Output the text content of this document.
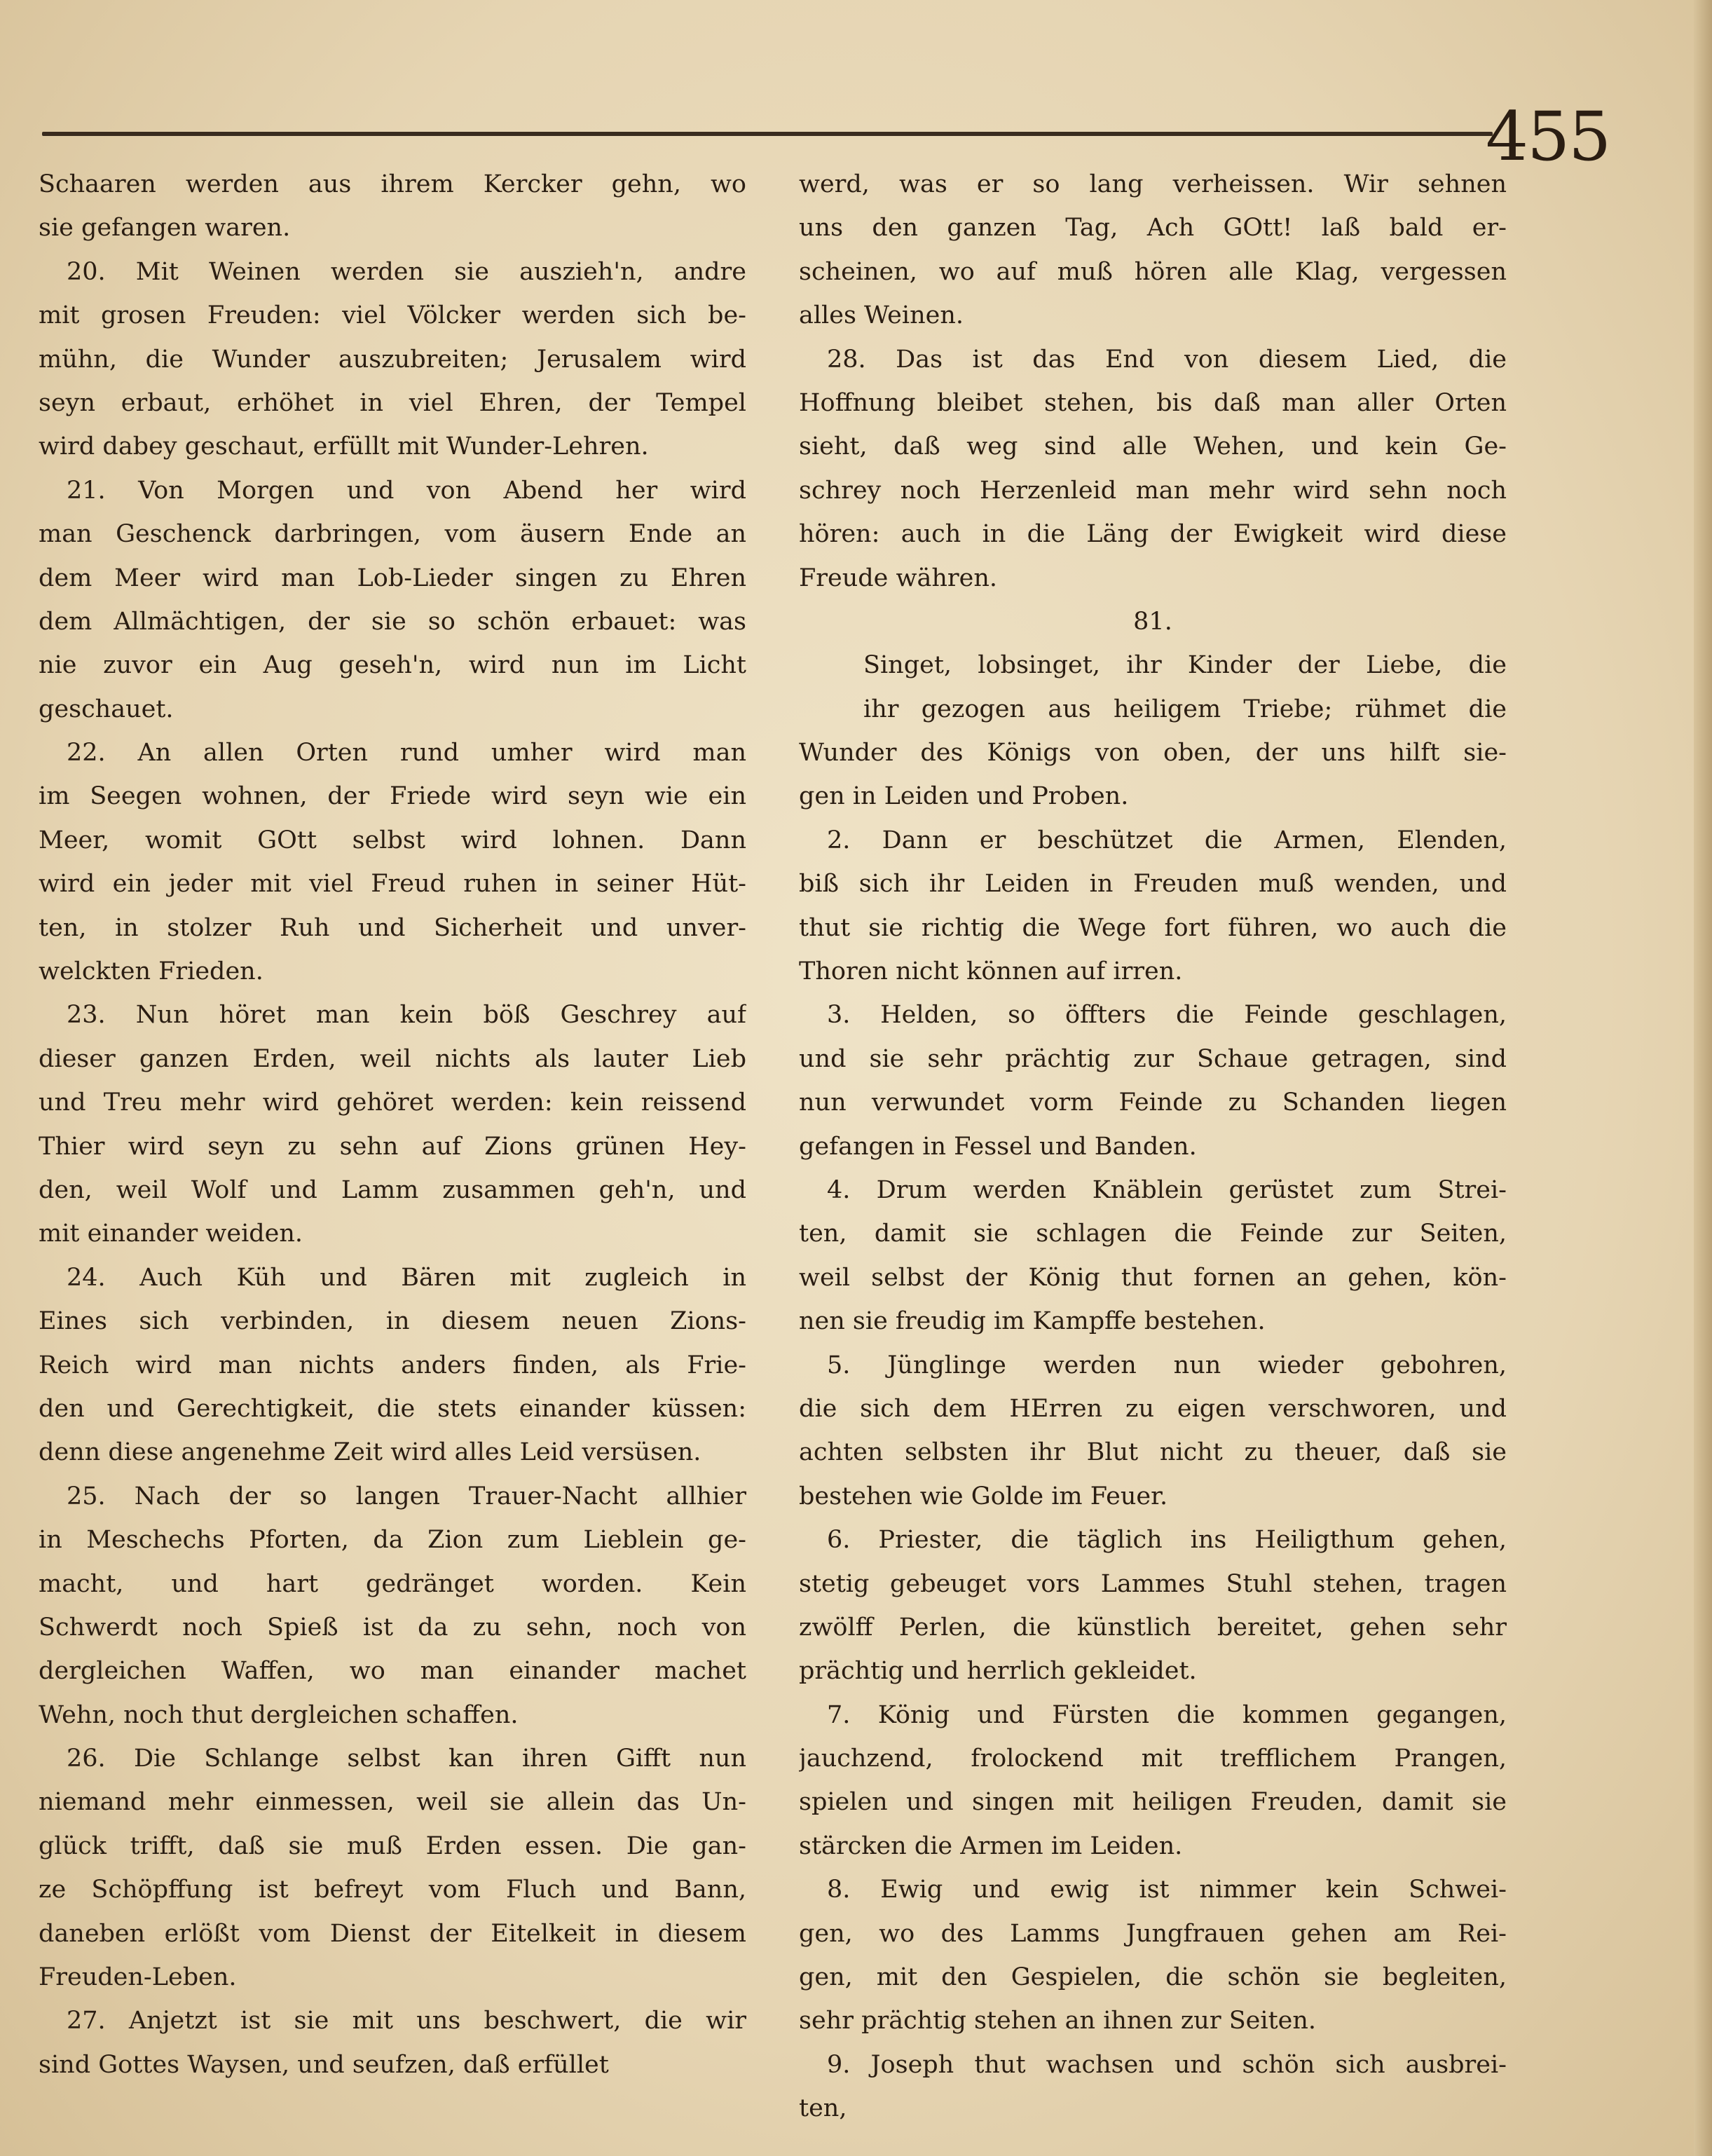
455

Schaaren werden aus ihrem Kercker gehn, wo

sie gefangen waren.

20. Mit Weinen werden sie auszieh'n, andre

mit grosen Freuden: viel Völcker werden sich be-

mühn, die Wunder auszubreiten; Jerusalem wird

seyn erbaut, erhöhet in viel Ehren, der Tempel

wird dabey geschaut, erfüllt mit Wunder-Lehren.

21. Von Morgen und von Abend her wird

man Geschenck darbringen, vom äusern Ende an

dem Meer wird man Lob-Lieder singen zu Ehren

dem Allmächtigen, der sie so schön erbauet: was

nie zuvor ein Aug geseh'n, wird nun im Licht

geschauet.

22. An allen Orten rund umher wird man

im Seegen wohnen, der Friede wird seyn wie ein

Meer, womit GOtt selbst wird lohnen. Dann

wird ein jeder mit viel Freud ruhen in seiner Hüt-

ten, in stolzer Ruh und Sicherheit und unver-

welckten Frieden.

23. Nun höret man kein böß Geschrey auf

dieser ganzen Erden, weil nichts als lauter Lieb

und Treu mehr wird gehöret werden: kein reissend

Thier wird seyn zu sehn auf Zions grünen Hey-

den, weil Wolf und Lamm zusammen geh'n, und

mit einander weiden.

24. Auch Küh und Bären mit zugleich in

Eines sich verbinden, in diesem neuen Zions-

Reich wird man nichts anders finden, als Frie-

den und Gerechtigkeit, die stets einander küssen:

denn diese angenehme Zeit wird alles Leid versüsen.

25. Nach der so langen Trauer-Nacht allhier

in Meschechs Pforten, da Zion zum Lieblein ge-

macht, und hart gedränget worden. Kein

Schwerdt noch Spieß ist da zu sehn, noch von

dergleichen Waffen, wo man einander machet

Wehn, noch thut dergleichen schaffen.

26. Die Schlange selbst kan ihren Gifft nun

niemand mehr einmessen, weil sie allein das Un-

glück trifft, daß sie muß Erden essen. Die gan-

ze Schöpffung ist befreyt vom Fluch und Bann,

daneben erlößt vom Dienst der Eitelkeit in diesem

Freuden-Leben.

27. Anjetzt ist sie mit uns beschwert, die wir

sind Gottes Waysen, und seufzen, daß erfüllet

werd, was er so lang verheissen. Wir sehnen

uns den ganzen Tag, Ach GOtt! laß bald er-

scheinen, wo auf muß hören alle Klag, vergessen

alles Weinen.

28. Das ist das End von diesem Lied, die

Hoffnung bleibet stehen, bis daß man aller Orten

sieht, daß weg sind alle Wehen, und kein Ge-

schrey noch Herzenleid man mehr wird sehn noch

hören: auch in die Läng der Ewigkeit wird diese

Freude währen.

81.

Singet, lobsinget, ihr Kinder der Liebe, die

ihr gezogen aus heiligem Triebe; rühmet die

Wunder des Königs von oben, der uns hilft sie-

gen in Leiden und Proben.

2. Dann er beschützet die Armen, Elenden,

biß sich ihr Leiden in Freuden muß wenden, und

thut sie richtig die Wege fort führen, wo auch die

Thoren nicht können auf irren.

3. Helden, so öffters die Feinde geschlagen,

und sie sehr prächtig zur Schaue getragen, sind

nun verwundet vorm Feinde zu Schanden liegen

gefangen in Fessel und Banden.

4. Drum werden Knäblein gerüstet zum Strei-

ten, damit sie schlagen die Feinde zur Seiten,

weil selbst der König thut fornen an gehen, kön-

nen sie freudig im Kampffe bestehen.

5. Jünglinge werden nun wieder gebohren,

die sich dem HErren zu eigen verschworen, und

achten selbsten ihr Blut nicht zu theuer, daß sie

bestehen wie Golde im Feuer.

6. Priester, die täglich ins Heiligthum gehen,

stetig gebeuget vors Lammes Stuhl stehen, tragen

zwölff Perlen, die künstlich bereitet, gehen sehr

prächtig und herrlich gekleidet.

7. König und Fürsten die kommen gegangen,

jauchzend, frolockend mit trefflichem Prangen,

spielen und singen mit heiligen Freuden, damit sie

stärcken die Armen im Leiden.

8. Ewig und ewig ist nimmer kein Schwei-

gen, wo des Lamms Jungfrauen gehen am Rei-

gen, mit den Gespielen, die schön sie begleiten,

sehr prächtig stehen an ihnen zur Seiten.

9. Joseph thut wachsen und schön sich ausbrei-

ten,
